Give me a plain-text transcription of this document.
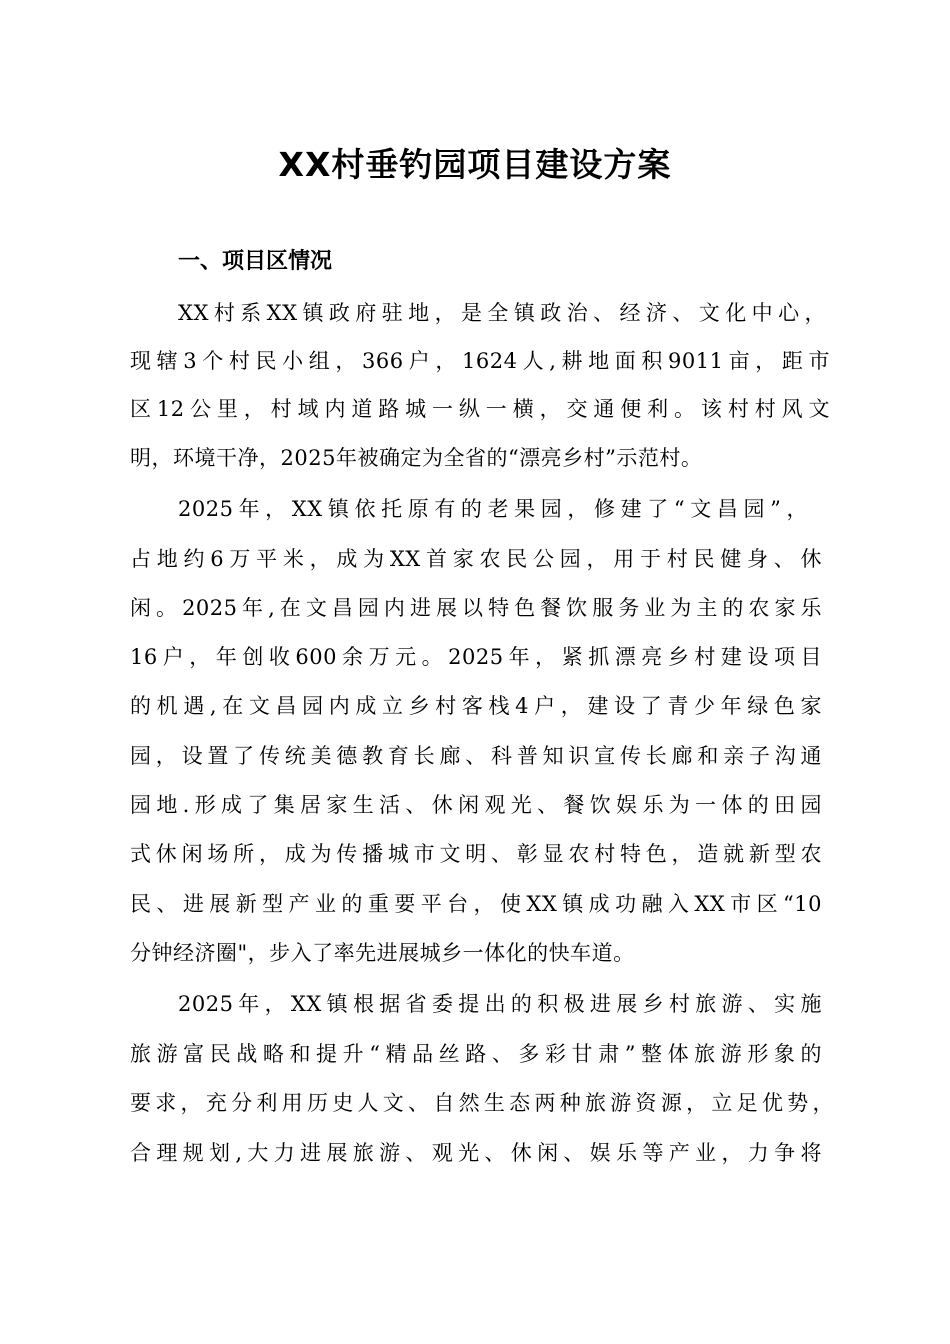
XX村垂钓园项目建设方案
一、项目区情况
XX村系XX镇政府驻地，是全镇政治、经济、文化中心，
现辖3个村民小组，366户，1624人,耕地面积9011亩，距市
区12公里，村域内道路城一纵一横，交通便利。该村村风文
明，环境干净，2025年被确定为全省的“漂亮乡村”示范村。
2025年，XX镇依托原有的老果园，修建了“文昌园”，
占地约6万平米，成为XX首家农民公园，用于村民健身、休
闲。2025年,在文昌园内进展以特色餐饮服务业为主的农家乐
16户，年创收600余万元。2025年，紧抓漂亮乡村建设项目
的机遇,在文昌园内成立乡村客栈4户，建设了青少年绿色家
园，设置了传统美德教育长廊、科普知识宣传长廊和亲子沟通
园地.形成了集居家生活、休闲观光、餐饮娱乐为一体的田园
式休闲场所，成为传播城市文明、彰显农村特色，造就新型农
民、进展新型产业的重要平台，使XX镇成功融入XX市区“10
分钟经济圈"，步入了率先进展城乡一体化的快车道。
2025年，XX镇根据省委提出的积极进展乡村旅游、实施
旅游富民战略和提升“精品丝路、多彩甘肃”整体旅游形象的
要求，充分利用历史人文、自然生态两种旅游资源，立足优势，
合理规划,大力进展旅游、观光、休闲、娱乐等产业，力争将
